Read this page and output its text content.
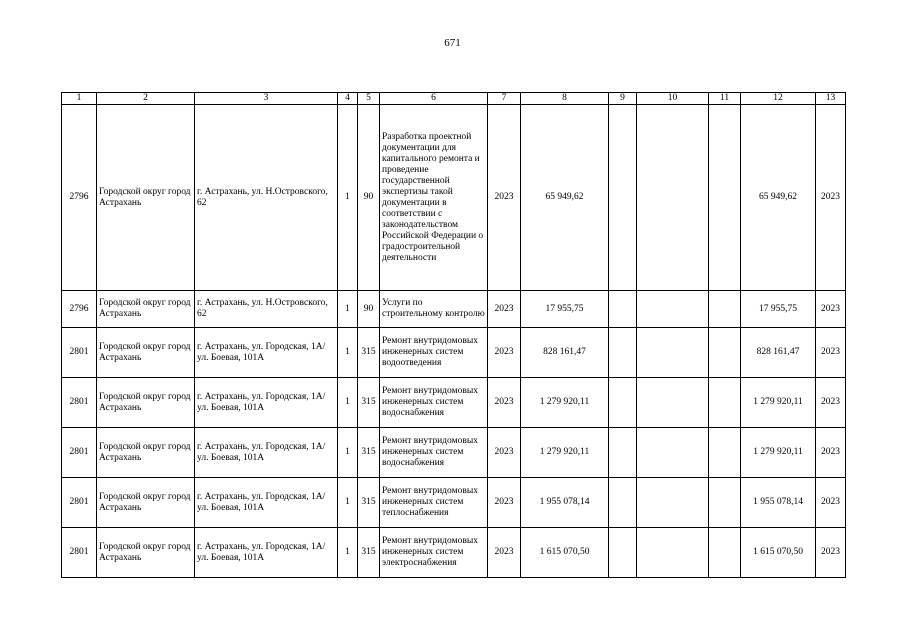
671
1	2	3	4	5	6	7	8	9	10	11	12	13
2796	Городской округ город Астрахань	г. Астрахань, ул. Н.Островского, 62	1	90	Разработка проектной документации для капитального ремонта и проведение государственной экспертизы такой документации в соответствии с законодательством Российской Федерации о градостроительной деятельности	2023	65 949,62				65 949,62	2023
2796	Городской округ город Астрахань	г. Астрахань, ул. Н.Островского, 62	1	90	Услуги по строительному контролю	2023	17 955,75				17 955,75	2023
2801	Городской округ город Астрахань	г. Астрахань, ул. Городская, 1А/ ул. Боевая, 101А	1	315	Ремонт внутридомовых инженерных систем водоотведения	2023	828 161,47				828 161,47	2023
2801	Городской округ город Астрахань	г. Астрахань, ул. Городская, 1А/ ул. Боевая, 101А	1	315	Ремонт внутридомовых инженерных систем водоснабжения	2023	1 279 920,11				1 279 920,11	2023
2801	Городской округ город Астрахань	г. Астрахань, ул. Городская, 1А/ ул. Боевая, 101А	1	315	Ремонт внутридомовых инженерных систем водоснабжения	2023	1 279 920,11				1 279 920,11	2023
2801	Городской округ город Астрахань	г. Астрахань, ул. Городская, 1А/ ул. Боевая, 101А	1	315	Ремонт внутридомовых инженерных систем теплоснабжения	2023	1 955 078,14				1 955 078,14	2023
2801	Городской округ город Астрахань	г. Астрахань, ул. Городская, 1А/ ул. Боевая, 101А	1	315	Ремонт внутридомовых инженерных систем электроснабжения	2023	1 615 070,50				1 615 070,50	2023
